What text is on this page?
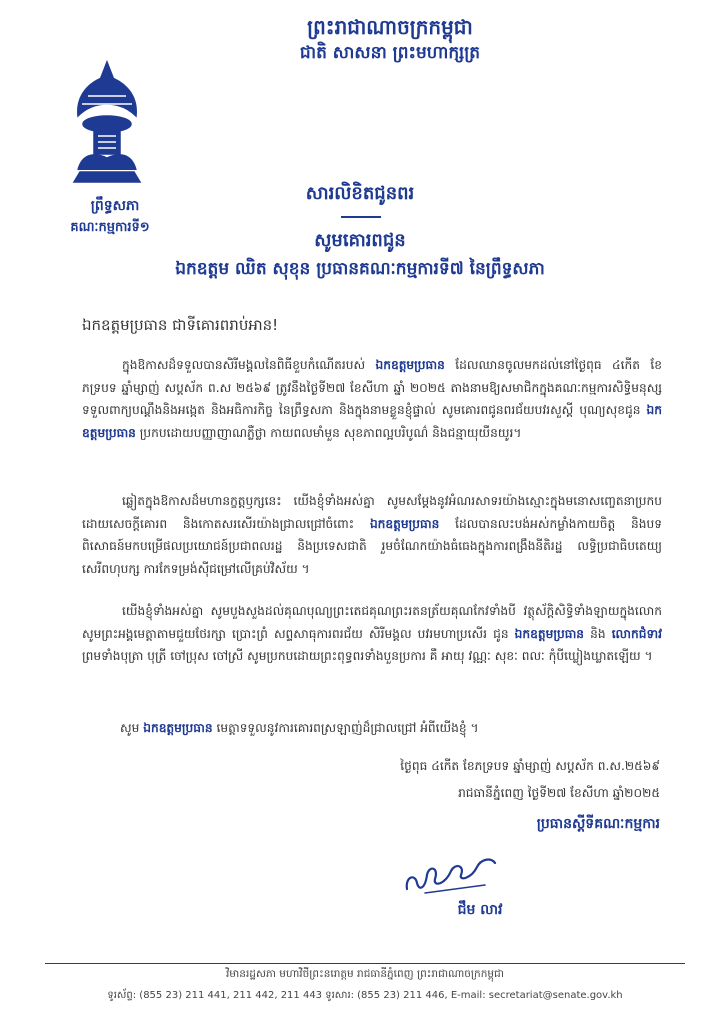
ព្រះរាជាណាចក្រកម្ពុជា
ជាតិ សាសនា ព្រះមហាក្សត្រ
ព្រឹទ្ធសភា
គណៈកម្មការទី១
សារលិខិតជូនពរ
សូមគោរពជូន
ឯកឧត្តម ឈិត សុខុន ប្រធានគណៈកម្មការទី៧ នៃព្រឹទ្ធសភា
ឯកឧត្តមប្រធាន ជាទីគោរពរាប់អាន!
ក្នុងឱកាសដ៏ទទួលបានសិរីមង្គលនៃពិធីខួបកំណើតរបស់ ឯកឧត្តមប្រធាន ដែលឈានចូលមកដល់នៅថ្ងៃពុធ ៤កើត ខែភទ្របទ ឆ្នាំម្សាញ់ សប្តស័ក ព.ស ២៥៦៩ ត្រូវនឹងថ្ងៃទី២៧ ខែសីហា ឆ្នាំ ២០២៥ តាងនាមឱ្យសមាជិកក្នុងគណៈកម្មការសិទ្ធិមនុស្ស ទទួលពាក្យបណ្តឹងនិងអង្កេត និងអធិការកិច្ច នៃព្រឹទ្ធសភា និងក្នុងនាមខ្លួនខ្ញុំផ្ទាល់ សូមគោរពជូនពរជ័យបវរសួស្តី បុណ្យសុខជូន ឯកឧត្តមប្រធាន ប្រកបដោយបញ្ញាញាណភ្លឺថ្លា កាយពលមាំមួន សុខភាពល្អបរិបូណ៌ និងជន្មាយុយឺនយូរ។
ឆ្លៀតក្នុងឱកាសដ៏មហានក្ខត្តឫក្សនេះ យើងខ្ញុំទាំងអស់គ្នា សូមសម្តែងនូវអំណរសាទរយ៉ាងស្មោះក្នុងមនោសញ្ចេតនាប្រកបដោយសេចក្តីគោរព និងកោតសរសើរយ៉ាងជ្រាលជ្រៅចំពោះ ឯកឧត្តមប្រធាន ដែលបានលះបង់អស់កម្លាំងកាយចិត្ត និងបទពិសោធន៍មកបម្រើផលប្រយោជន៍ប្រជាពលរដ្ឋ និងប្រទេសជាតិ រួមចំណែកយ៉ាងធំធេងក្នុងការពង្រឹងនីតិរដ្ឋ លទ្ធិប្រជាធិបតេយ្យ សេរីពហុបក្ស ការកែទម្រង់ស៊ីជម្រៅលើគ្រប់វិស័យ ។
យើងខ្ញុំទាំងអស់គ្នា សូមបួងសួងដល់គុណបុណ្យព្រះតេជគុណព្រះរតនត្រ័យគុណកែវទាំងបី វត្ថុស័ក្តិសិទ្ធិទាំងឡាយក្នុងលោក សូមព្រះអង្គមេត្តាតាមជួយថែរក្សា ប្រោះព្រំ សព្ទសាធុការពរជ័យ សិរីមង្គល បវរមហាប្រសើរ ជូន ឯកឧត្តមប្រធាន និង លោកជំទាវ ព្រមទាំងបុត្រា បុត្រី ចៅប្រុស ចៅស្រី សូមប្រកបដោយព្រះពុទ្ធពរទាំងបួនប្រការ គឺ អាយុ វណ្ណៈ សុខៈ ពលៈ កុំបីឃ្លៀងឃ្លាតឡើយ ។
សូម ឯកឧត្តមប្រធាន មេត្តាទទួលនូវការគោរពស្រឡាញ់ដ៏ជ្រាលជ្រៅ អំពីយើងខ្ញុំ ។
ថ្ងៃពុធ ៤កើត ខែភទ្របទ ឆ្នាំម្សាញ់ សប្តស័ក ព.ស.២៥៦៩
រាជធានីភ្នំពេញ ថ្ងៃទី២៧ ខែសីហា ឆ្នាំ២០២៥
ប្រធានស្តីទីគណៈកម្មការ
ជឹម លាវ
វិមានរដ្ឋសភា មហាវិថីព្រះនរោត្តម រាជធានីភ្នំពេញ ព្រះរាជាណាចក្រកម្ពុជា
ទូរស័ព្ទ: (855 23) 211 441, 211 442, 211 443 ទូរសារ: (855 23) 211 446, E-mail: secretariat@senate.gov.kh
